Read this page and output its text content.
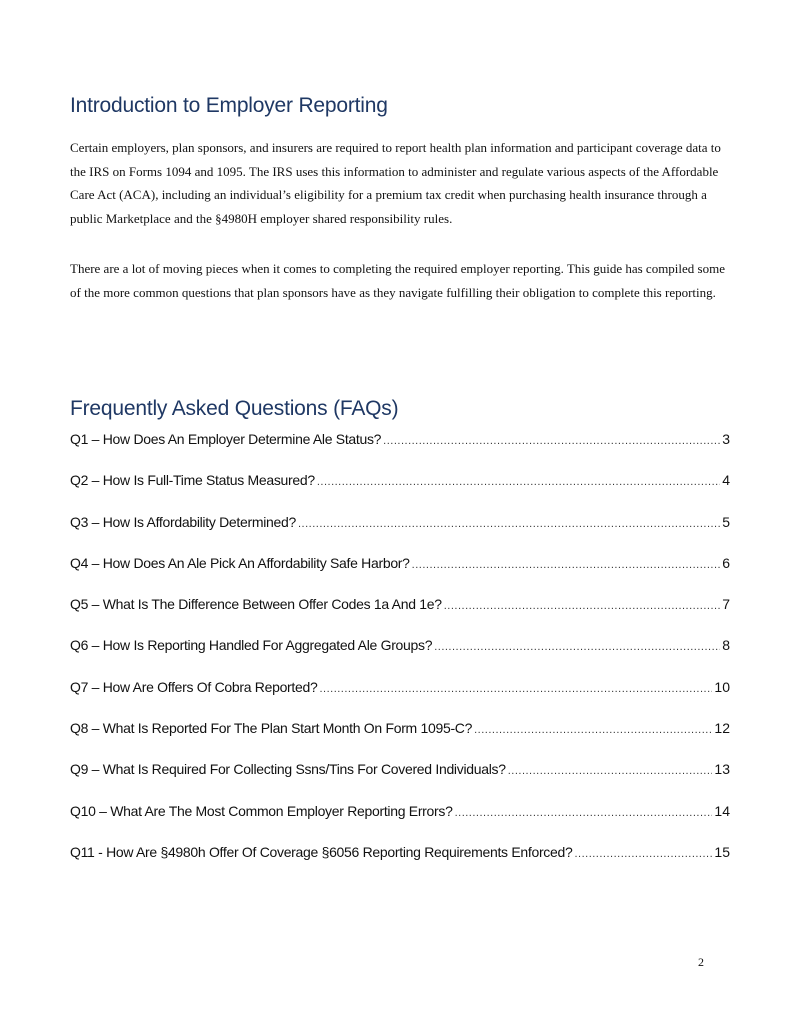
Introduction to Employer Reporting

Certain employers, plan sponsors, and insurers are required to report health plan information and participant coverage data to the IRS on Forms 1094 and 1095. The IRS uses this information to administer and regulate various aspects of the Affordable Care Act (ACA), including an individual’s eligibility for a premium tax credit when purchasing health insurance through a public Marketplace and the §4980H employer shared responsibility rules.

There are a lot of moving pieces when it comes to completing the required employer reporting. This guide has compiled some of the more common questions that plan sponsors have as they navigate fulfilling their obligation to complete this reporting.

Frequently Asked Questions (FAQs)
Q1 – How Does An Employer Determine Ale Status? .....	3
Q2 – How Is Full-Time Status Measured? .....	4
Q3 – How Is Affordability Determined? .....	5
Q4 – How Does An Ale Pick An Affordability Safe Harbor? .....	6
Q5 – What Is The Difference Between Offer Codes 1a And 1e? .....	7
Q6 – How Is Reporting Handled For Aggregated Ale Groups? .....	8
Q7 – How Are Offers Of Cobra Reported? .....	10
Q8 – What Is Reported For The Plan Start Month On Form 1095-C? .....	12
Q9 – What Is Required For Collecting Ssns/Tins For Covered Individuals? .....	13
Q10 – What Are The Most Common Employer Reporting Errors? .....	14
Q11 - How Are §4980h Offer Of Coverage §6056 Reporting Requirements Enforced? .....	15
2
